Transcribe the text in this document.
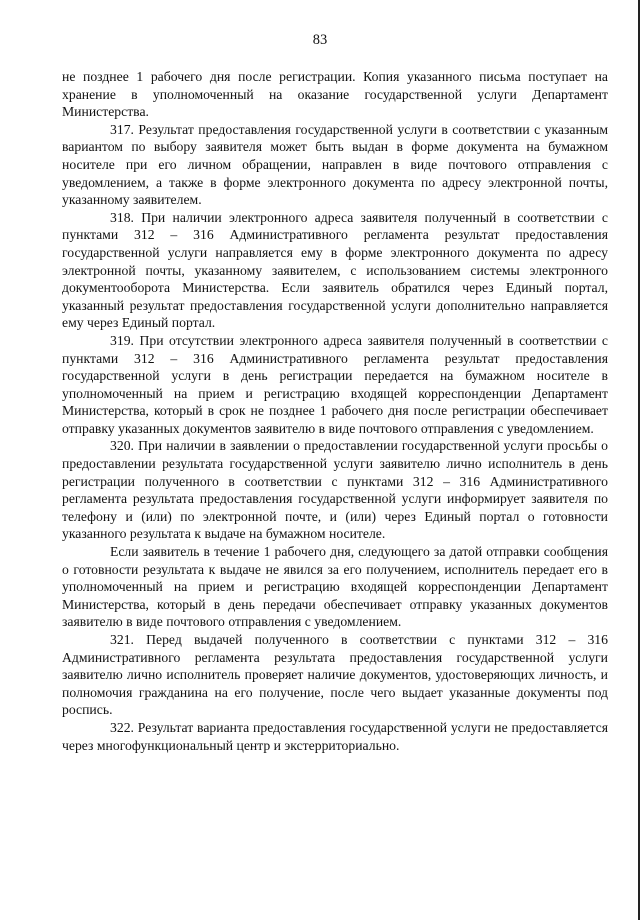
83

не позднее 1 рабочего дня после регистрации. Копия указанного письма поступает на хранение в уполномоченный на оказание государственной услуги Департамент Министерства.

317. Результат предоставления государственной услуги в соответствии с указанным вариантом по выбору заявителя может быть выдан в форме документа на бумажном носителе при его личном обращении, направлен в виде почтового отправления с уведомлением, а также в форме электронного документа по адресу электронной почты, указанному заявителем.

318. При наличии электронного адреса заявителя полученный в соответствии с пунктами 312 – 316 Административного регламента результат предоставления государственной услуги направляется ему в форме электронного документа по адресу электронной почты, указанному заявителем, с использованием системы электронного документооборота Министерства. Если заявитель обратился через Единый портал, указанный результат предоставления государственной услуги дополнительно направляется ему через Единый портал.

319. При отсутствии электронного адреса заявителя полученный в соответствии с пунктами 312 – 316 Административного регламента результат предоставления государственной услуги в день регистрации передается на бумажном носителе в уполномоченный на прием и регистрацию входящей корреспонденции Департамент Министерства, который в срок не позднее 1 рабочего дня после регистрации обеспечивает отправку указанных документов заявителю в виде почтового отправления с уведомлением.

320. При наличии в заявлении о предоставлении государственной услуги просьбы о предоставлении результата государственной услуги заявителю лично исполнитель в день регистрации полученного в соответствии с пунктами 312 – 316 Административного регламента результата предоставления государственной услуги информирует заявителя по телефону и (или) по электронной почте, и (или) через Единый портал о готовности указанного результата к выдаче на бумажном носителе.

Если заявитель в течение 1 рабочего дня, следующего за датой отправки сообщения о готовности результата к выдаче не явился за его получением, исполнитель передает его в уполномоченный на прием и регистрацию входящей корреспонденции Департамент Министерства, который в день передачи обеспечивает отправку указанных документов заявителю в виде почтового отправления с уведомлением.

321. Перед выдачей полученного в соответствии с пунктами 312 – 316 Административного регламента результата предоставления государственной услуги заявителю лично исполнитель проверяет наличие документов, удостоверяющих личность, и полномочия гражданина на его получение, после чего выдает указанные документы под роспись.

322. Результат варианта предоставления государственной услуги не предоставляется через многофункциональный центр и экстерриториально.
